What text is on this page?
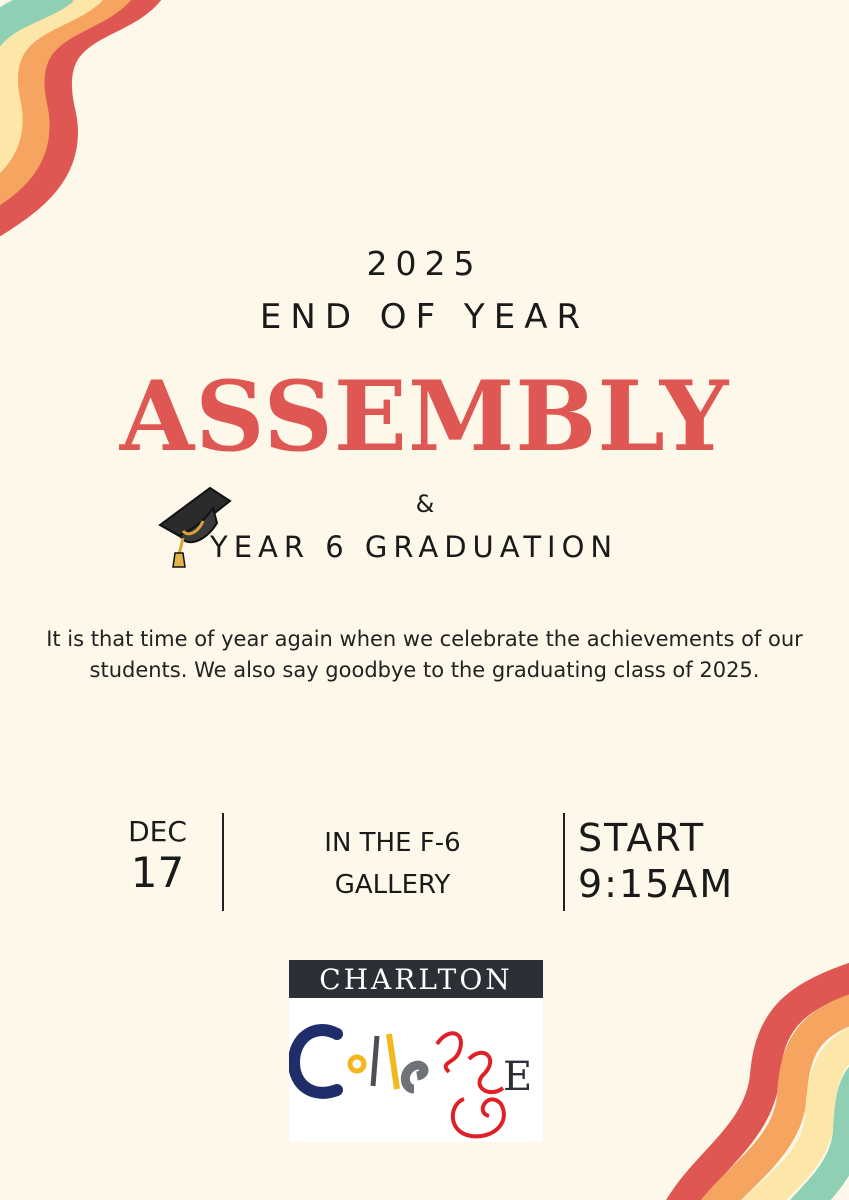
2025
END OF YEAR
ASSEMBLY
&
YEAR 6 GRADUATION
It is that time of year again when we celebrate the achievements of our students. We also say goodbye to the graduating class of 2025.
DEC
17
IN THE F-6
GALLERY
START
9:15AM
CHARLTON
E
